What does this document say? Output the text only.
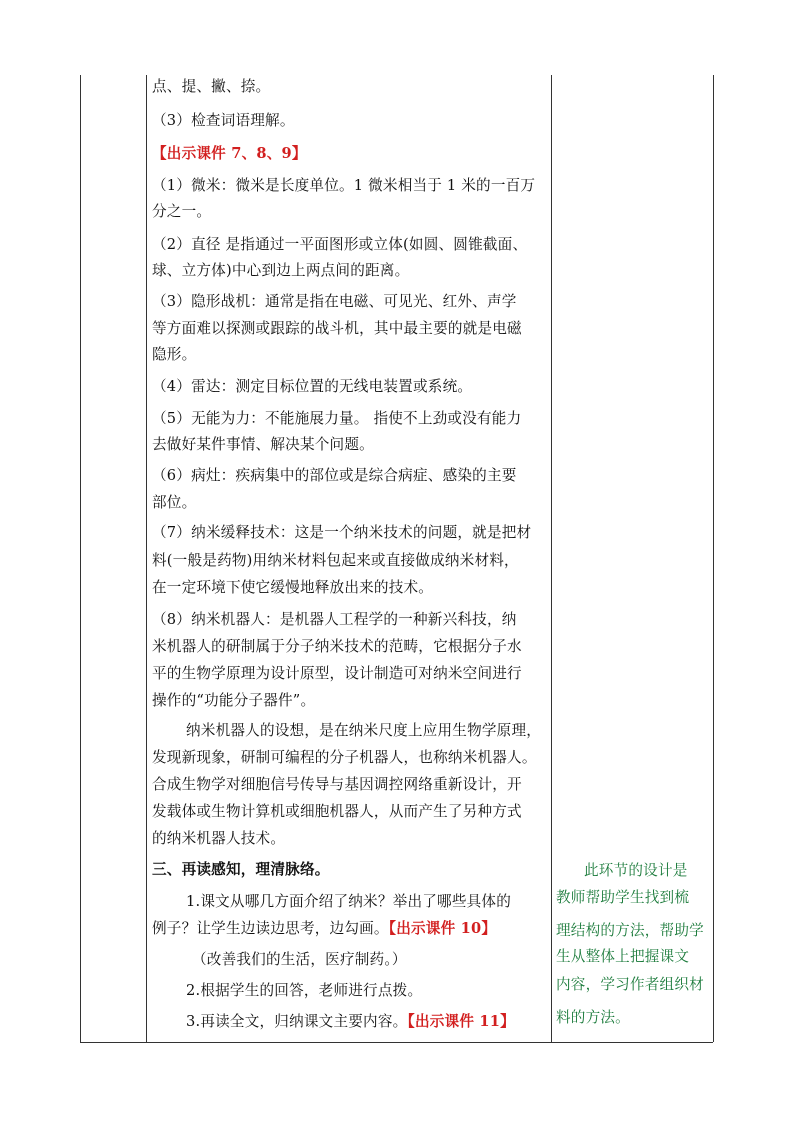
点、提、撇、捺。
（3）检查词语理解。
【出示课件 7、8、9】
（1）微米：微米是长度单位。1 微米相当于 1 米的一百万
分之一。
（2）直径 是指通过一平面图形或立体(如圆、圆锥截面、
球、立方体)中心到边上两点间的距离。
（3）隐形战机：通常是指在电磁、可见光、红外、声学
等方面难以探测或跟踪的战斗机，其中最主要的就是电磁
隐形。
（4）雷达：测定目标位置的无线电装置或系统。
（5）无能为力：不能施展力量。 指使不上劲或没有能力
去做好某件事情、解决某个问题。
（6）病灶：疾病集中的部位或是综合病症、感染的主要
部位。
（7）纳米缓释技术：这是一个纳米技术的问题，就是把材
料(一般是药物)用纳米材料包起来或直接做成纳米材料，
在一定环境下使它缓慢地释放出来的技术。
（8）纳米机器人：是机器人工程学的一种新兴科技，纳
米机器人的研制属于分子纳米技术的范畴，它根据分子水
平的生物学原理为设计原型，设计制造可对纳米空间进行
操作的“功能分子器件”。
纳米机器人的设想，是在纳米尺度上应用生物学原理，
发现新现象，研制可编程的分子机器人，也称纳米机器人。
合成生物学对细胞信号传导与基因调控网络重新设计，开
发载体或生物计算机或细胞机器人，从而产生了另种方式
的纳米机器人技术。
三、再读感知，理清脉络。
1.课文从哪几方面介绍了纳米？举出了哪些具体的
例子？让学生边读边思考，边勾画。【出示课件 10】
（改善我们的生活，医疗制药。）
2.根据学生的回答，老师进行点拨。
3.再读全文，归纳课文主要内容。【出示课件 11】
此环节的设计是
教师帮助学生找到梳
理结构的方法，帮助学
生从整体上把握课文
内容，学习作者组织材
料的方法。
